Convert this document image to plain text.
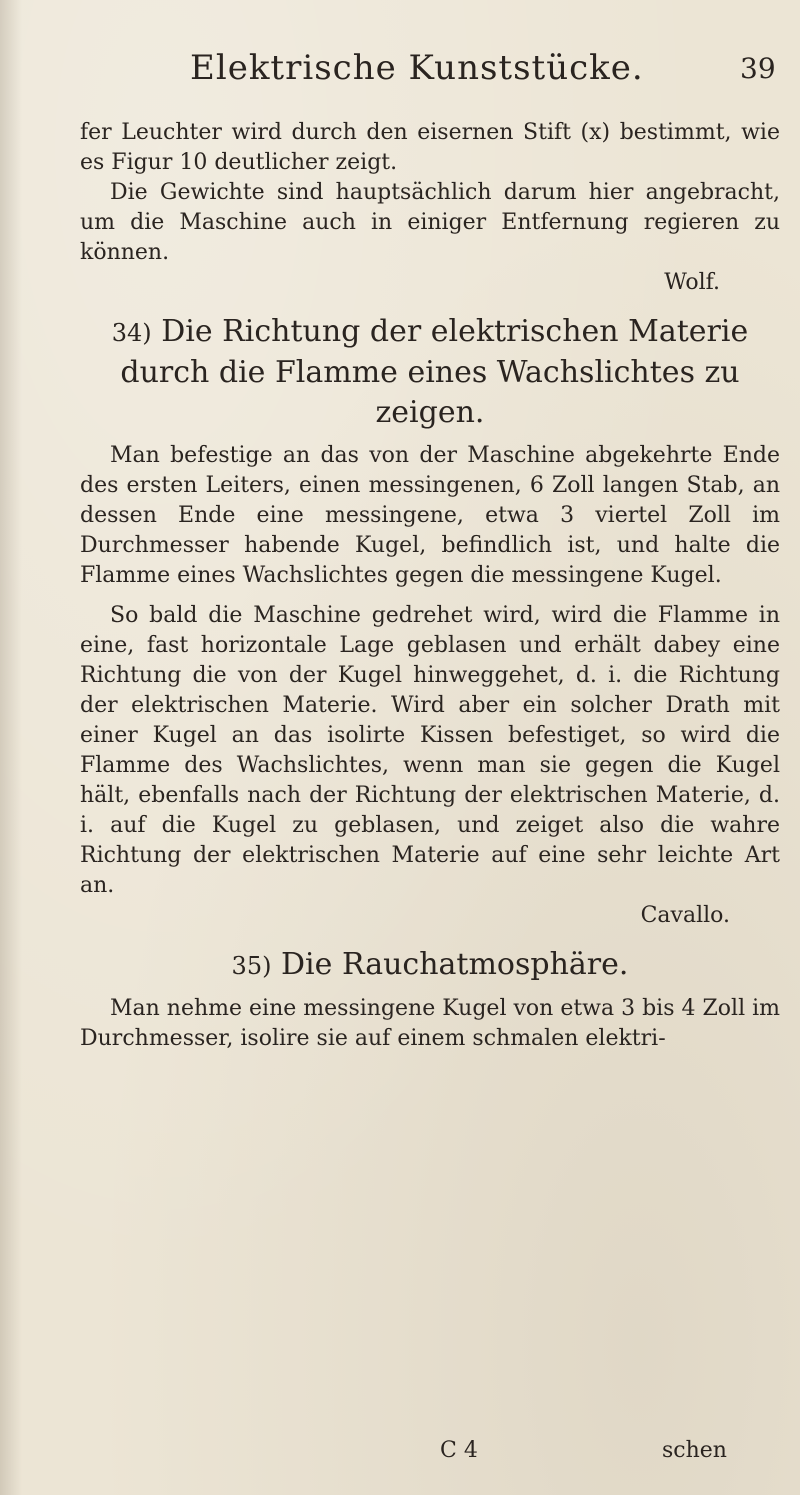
Elektrische Kunststücke.	39

fer Leuchter wird durch den eisernen Stift (x) bestimmt, wie es Figur 10 deutlicher zeigt.

Die Gewichte sind hauptsächlich darum hier angebracht, um die Maschine auch in einiger Entfernung regieren zu können.

Wolf.

34) Die Richtung der elektrischen Materie durch die Flamme eines Wachslichtes zu zeigen.

Man befestige an das von der Maschine abgekehrte Ende des ersten Leiters, einen messingenen, 6 Zoll langen Stab, an dessen Ende eine messingene, etwa 3 viertel Zoll im Durchmesser habende Kugel, befindlich ist, und halte die Flamme eines Wachslichtes gegen die messingene Kugel.

So bald die Maschine gedrehet wird, wird die Flamme in eine, fast horizontale Lage geblasen und erhält dabey eine Richtung die von der Kugel hinweggehet, d. i. die Richtung der elektrischen Materie. Wird aber ein solcher Drath mit einer Kugel an das isolirte Kissen befestiget, so wird die Flamme des Wachslichtes, wenn man sie gegen die Kugel hält, ebenfalls nach der Richtung der elektrischen Materie, d. i. auf die Kugel zu geblasen, und zeiget also die wahre Richtung der elektrischen Materie auf eine sehr leichte Art an.

Cavallo.

35) Die Rauchatmosphäre.

Man nehme eine messingene Kugel von etwa 3 bis 4 Zoll im Durchmesser, isolire sie auf einem schmalen elektri-

C 4	schen
